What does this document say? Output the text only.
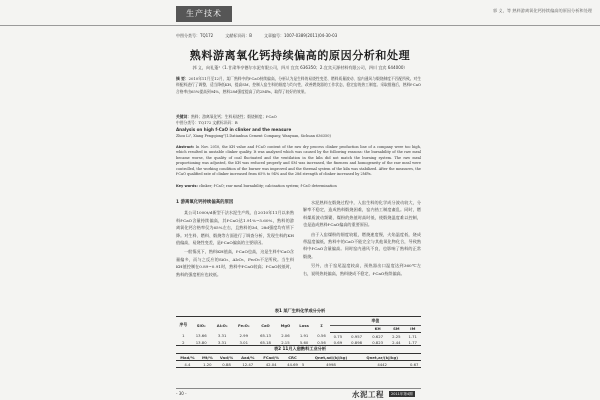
生产技术	郭 义，等 熟料游离氧化钙持续偏高的原因分析和处理
中图分类号：TQ172	文献标识码：B	文章编号：1007-0389(2011)04-30-03
熟料游离氧化钙持续偏高的原因分析和处理
郭 义，向礼蓬¹（1.甘肃华亭德尔水泥有限公司，四川 宜宾 636350；2.宜宾天源材料有限公司，四川 宜宾 644000）
摘 要：2010年11月至12月，某厂熟料中的f-CaO持续偏高，分析认为是生料的易烧性变差、燃料质量波动、窑内通风与煅烧制度不匹配所致。对生料配料进行了调整，适当降低KH，提高SM，控制入窑生料的细度与均匀性，改善燃烧器的工作状态，稳定窑的热工制度。采取措施后，熟料f-CaO合格率由65%提高到94%，熟料28d强度提高了约2MPa，取得了较好的效果。
关键词：熟料；游离氧化钙；生料易烧性；煅烧制度；f-CaO
中图分类号：TQ172 文献标识码：B
Analysis on high f-CaO in clinker and the measure
Zhou Li¹, Xiang Fengqiong²(1.Datianhua Cement Company, Wanyuan, Sichuan 636350)
Abstract: In Nov. 2010, the KH value and f-CaO content of the raw dry process clinker production line of a company were too high, which resulted in unstable clinker quality. It was analyzed which was caused by the following reasons: the burnability of the raw meal became worse, the quality of coal fluctuated and the ventilation in the kiln did not match the burning system. The raw meal proportioning was adjusted, the KH was reduced properly and SM was increased, the fineness and homogeneity of the raw meal were controlled, the working condition of the burner was improved and the thermal system of the kiln was stabilized. After the measures, the f-CaO qualified rate of clinker increased from 65% to 94% and the 28d strength of clinker increased by 2MPa.
Key words: clinker; f-CaO; raw meal burnability; calcination system; f-CaO determination
1 游离氧化钙持续偏高的原因

某公司1000t/d新型干法水泥生产线，自2010年11月以来熟料f-CaO含量持续偏高，其f-CaO达1.91%~5.60%，熟料的游离氧化钙合格率仅为65%左右，且熟料的3d、28d强度均有所下降。对生料、燃料、煅烧等方面进行了调查分析，发现生料的KH值偏高，易烧性变差，是f-CaO偏高的主要原因。

一般情况下，熟料KH值高，f-CaO也高，这是生料中CaO含量偏多，而与之反应的SiO₂、Al₂O₃、Fe₂O₃不足所致。当生料KH值控制在0.89~0.91时，熟料中f-CaO较高；f-CaO较低时，熟料的强度相应也较低。

水泥熟料在煅烧过程中，入窑生料的化学成分波动较大，分解率不稳定，造成熟料煅烧困难，窑内热工制度紊乱。同时，燃料煤质波动频繁，煤粉的热值时高时低，使煅烧温度难以控制，也是造成熟料f-CaO偏高的重要原因。

由于入窑煤粉的细度较粗，燃烧速度慢，火焰温度低，烧成带温度偏低，熟料中的CaO不能完全与其他氧化物化合，导致熟料中f-CaO含量偏高。同时窑内通风不良，也影响了熟料的正常煅烧。

另外，由于窑尾温度较高，预热器出口温度达到360℃左右，说明热耗偏高，熟料烧成不稳定，f-CaO持续偏高。

表1 某厂生料化学成分分析
序号	SiO₂	Al₂O₃	Fe₂O₃	CaO	MgO	Loss	Σ	率值				
										KH	SM	IM
1	13.66	3.31	2.99	65.13	2.06	1.91	0.56	0.75	0.957	0.627	2.25	1.71
2	13.80	3.31	3.01	65.18	2.15	5.60	0.56	0.69	0.898	0.823	2.44	1.77
表2 11月入窑熟料工业分析
Mad/%	Mt/%	Vad/%	Aad/%	FCad/%	CRC		Qnet,ad/(kJ/kg)	Qnet,ar/(kJ/kg)	
4.4	1.20	0.88	12.47	42.04	44.69	5	4998	4442	0.67
- 30 -	水泥工程	2011年第4期
